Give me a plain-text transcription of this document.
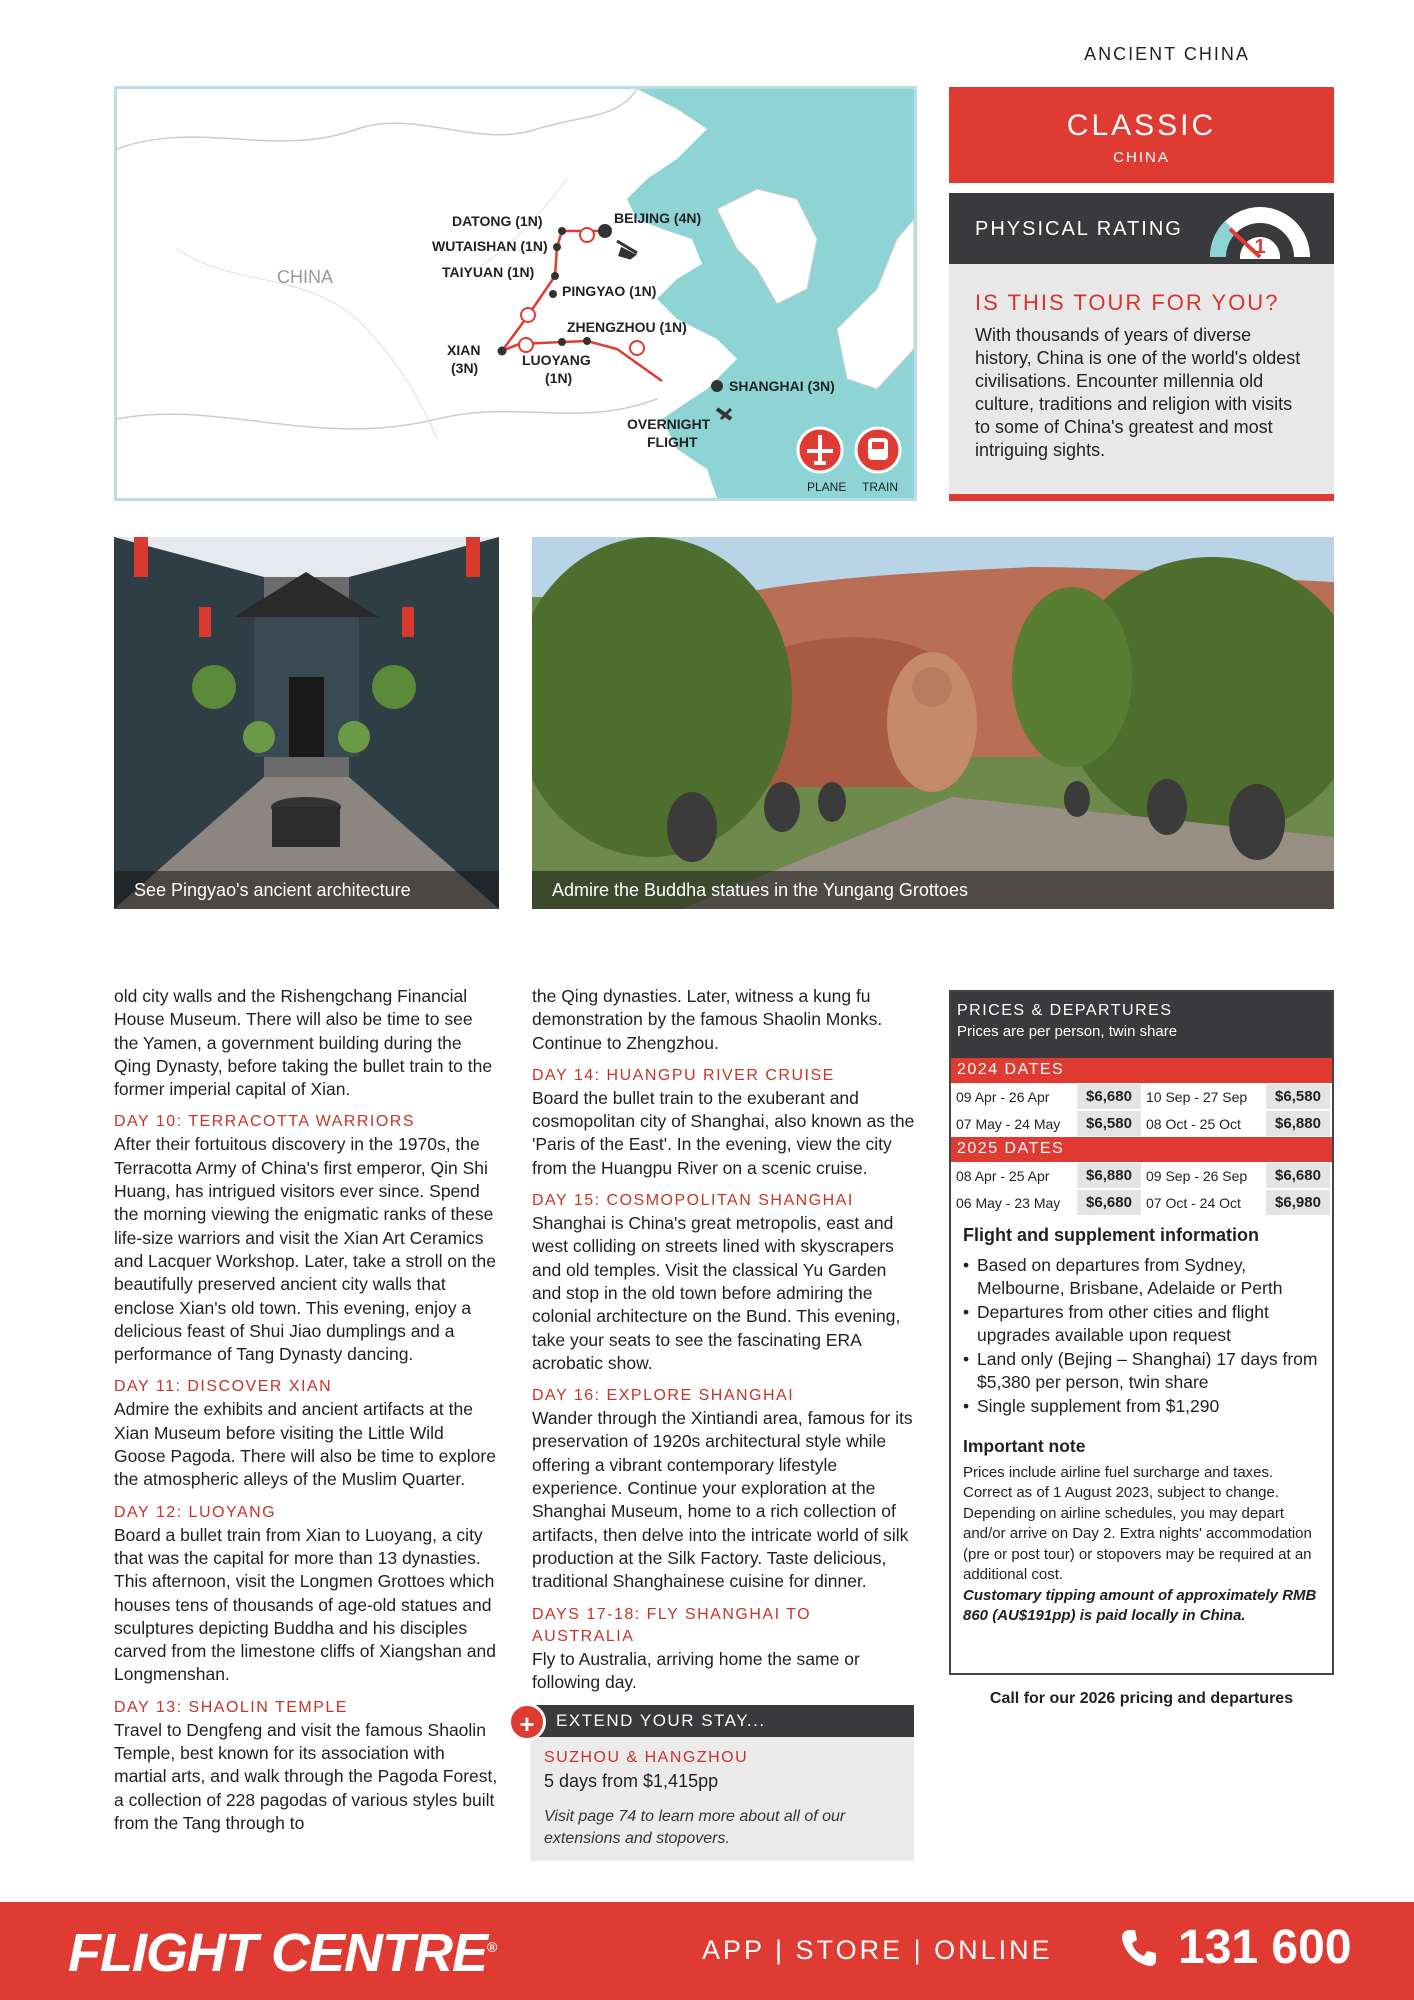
ANCIENT CHINA
DATONG (1N)
WUTAISHAN (1N)
TAIYUAN (1N)
PINGYAO (1N)
BEIJING (4N)
ZHENGZHOU (1N)
XIAN
(3N)	LUOYANG
(1N)	SHANGHAI (3N)
OVERNIGHT
FLIGHT
CHINA
PLANE TRAIN
CLASSIC
CHINA
PHYSICAL RATING
1
IS THIS TOUR FOR YOU?

With thousands of years of diverse history, China is one of the world's oldest civilisations. Encounter millennia old culture, traditions and religion with visits to some of China's greatest and most intriguing sights.

See Pingyao's ancient architecture	Admire the Buddha statues in the Yungang Grottoes

old city walls and the Rishengchang Financial House Museum. There will also be time to see the Yamen, a government building during the Qing Dynasty, before taking the bullet train to the former imperial capital of Xian.

DAY 10: TERRACOTTA WARRIORS

After their fortuitous discovery in the 1970s, the Terracotta Army of China's first emperor, Qin Shi Huang, has intrigued visitors ever since. Spend the morning viewing the enigmatic ranks of these life-size warriors and visit the Xian Art Ceramics and Lacquer Workshop. Later, take a stroll on the beautifully preserved ancient city walls that enclose Xian's old town. This evening, enjoy a delicious feast of Shui Jiao dumplings and a performance of Tang Dynasty dancing.

DAY 11: DISCOVER XIAN

Admire the exhibits and ancient artifacts at the Xian Museum before visiting the Little Wild Goose Pagoda. There will also be time to explore the atmospheric alleys of the Muslim Quarter.

DAY 12: LUOYANG

Board a bullet train from Xian to Luoyang, a city that was the capital for more than 13 dynasties. This afternoon, visit the Longmen Grottoes which houses tens of thousands of age-old statues and sculptures depicting Buddha and his disciples carved from the limestone cliffs of Xiangshan and Longmenshan.

DAY 13: SHAOLIN TEMPLE

Travel to Dengfeng and visit the famous Shaolin Temple, best known for its association with martial arts, and walk through the Pagoda Forest, a collection of 228 pagodas of various styles built from the Tang through to

the Qing dynasties. Later, witness a kung fu demonstration by the famous Shaolin Monks. Continue to Zhengzhou.

DAY 14: HUANGPU RIVER CRUISE

Board the bullet train to the exuberant and cosmopolitan city of Shanghai, also known as the 'Paris of the East'. In the evening, view the city from the Huangpu River on a scenic cruise.

DAY 15: COSMOPOLITAN SHANGHAI

Shanghai is China's great metropolis, east and west colliding on streets lined with skyscrapers and old temples. Visit the classical Yu Garden and stop in the old town before admiring the colonial architecture on the Bund. This evening, take your seats to see the fascinating ERA acrobatic show.

DAY 16: EXPLORE SHANGHAI

Wander through the Xintiandi area, famous for its preservation of 1920s architectural style while offering a vibrant contemporary lifestyle experience. Continue your exploration at the Shanghai Museum, home to a rich collection of artifacts, then delve into the intricate world of silk production at the Silk Factory. Taste delicious, traditional Shanghainese cuisine for dinner.

DAYS 17-18: FLY SHANGHAI TO AUSTRALIA

Fly to Australia, arriving home the same or following day.

+	EXTEND YOUR STAY...
SUZHOU & HANGZHOU
5 days from $1,415pp
Visit page 74 to learn more about all of our extensions and stopovers.
PRICES & DEPARTURES
Prices are per person, twin share
2024 DATES
09 Apr - 26 Apr	$6,680	10 Sep - 27 Sep	$6,580
07 May - 24 May	$6,580	08 Oct - 25 Oct	$6,880
2025 DATES
08 Apr - 25 Apr	$6,880	09 Sep - 26 Sep	$6,680
06 May - 23 May	$6,680	07 Oct - 24 Oct	$6,980
Flight and supplement information
• Based on departures from Sydney, Melbourne, Brisbane, Adelaide or Perth
• Departures from other cities and flight upgrades available upon request
• Land only (Bejing – Shanghai) 17 days from $5,380 per person, twin share
• Single supplement from $1,290
Important note

Prices include airline fuel surcharge and taxes. Correct as of 1 August 2023, subject to change. Depending on airline schedules, you may depart and/or arrive on Day 2. Extra nights' accommodation (pre or post tour) or stopovers may be required at an additional cost.

Customary tipping amount of approximately RMB 860 (AU$191pp) is paid locally in China.

Call for our 2026 pricing and departures
FLIGHT CENTRE®	APP | STORE | ONLINE	131 600
